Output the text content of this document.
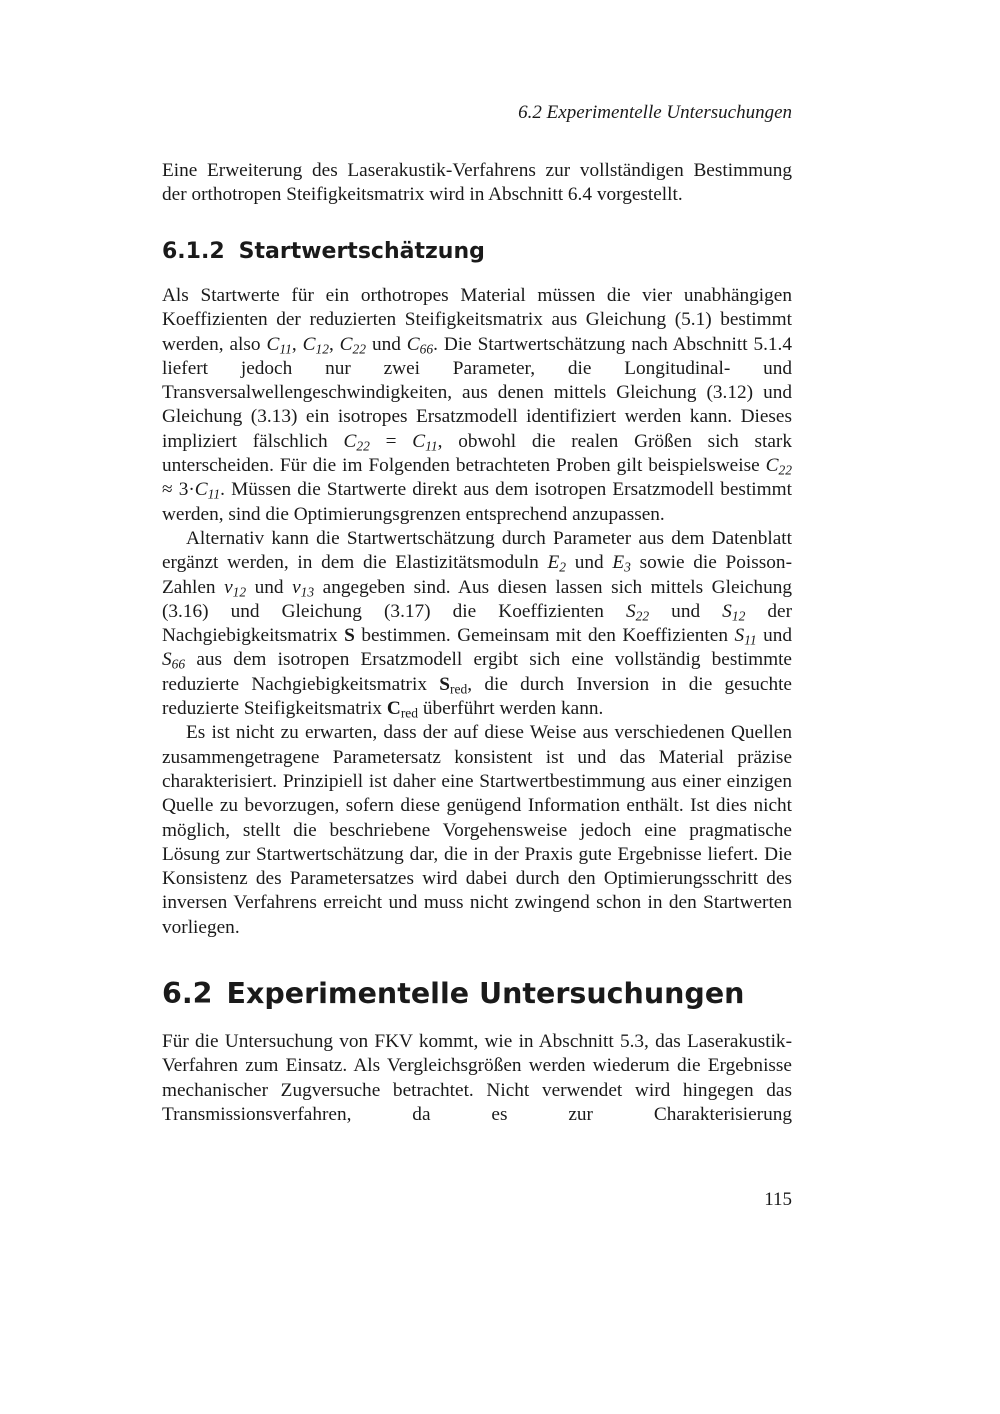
6.2 Experimentelle Untersuchungen

Eine Erweiterung des Laserakustik-Verfahrens zur vollständigen Bestimmung der orthotropen Steifigkeitsmatrix wird in Abschnitt 6.4 vorgestellt.

6.1.2 Startwertschätzung

Als Startwerte für ein orthotropes Material müssen die vier unabhängigen Koeffizienten der reduzierten Steifigkeitsmatrix aus Gleichung (5.1) bestimmt werden, also $C_{11}$, $C_{12}$, $C_{22}$ und $C_{66}$. Die Startwertschätzung nach Abschnitt 5.1.4 liefert jedoch nur zwei Parameter, die Longitudinal- und Transversalwellengeschwindigkeiten, aus denen mittels Gleichung (3.12) und Gleichung (3.13) ein isotropes Ersatzmodell identifiziert werden kann. Dieses impliziert fälschlich $C_{22} = C_{11}$, obwohl die realen Größen sich stark unterscheiden. Für die im Folgenden betrachteten Proben gilt beispielsweise $C_{22} \approx 3\cdot C_{11}$. Müssen die Startwerte direkt aus dem isotropen Ersatzmodell bestimmt werden, sind die Optimierungsgrenzen entsprechend anzupassen.

Alternativ kann die Startwertschätzung durch Parameter aus dem Datenblatt ergänzt werden, in dem die Elastizitätsmoduln $E_2$ und $E_3$ sowie die Poisson-Zahlen $\nu_{12}$ und $\nu_{13}$ angegeben sind. Aus diesen lassen sich mittels Gleichung (3.16) und Gleichung (3.17) die Koeffizienten $S_{22}$ und $S_{12}$ der Nachgiebigkeitsmatrix S bestimmen. Gemeinsam mit den Koeffizienten $S_{11}$ und $S_{66}$ aus dem isotropen Ersatzmodell ergibt sich eine vollständig bestimmte reduzierte Nachgiebigkeitsmatrix $S_{red}$, die durch Inversion in die gesuchte reduzierte Steifigkeitsmatrix $C_{red}$ überführt werden kann.

Es ist nicht zu erwarten, dass der auf diese Weise aus verschiedenen Quellen zusammengetragene Parametersatz konsistent ist und das Material präzise charakterisiert. Prinzipiell ist daher eine Startwertbestimmung aus einer einzigen Quelle zu bevorzugen, sofern diese genügend Information enthält. Ist dies nicht möglich, stellt die beschriebene Vorgehensweise jedoch eine pragmatische Lösung zur Startwertschätzung dar, die in der Praxis gute Ergebnisse liefert. Die Konsistenz des Parametersatzes wird dabei durch den Optimierungsschritt des inversen Verfahrens erreicht und muss nicht zwingend schon in den Startwerten vorliegen.

6.2 Experimentelle Untersuchungen

Für die Untersuchung von FKV kommt, wie in Abschnitt 5.3, das Laserakustik-Verfahren zum Einsatz. Als Vergleichsgrößen werden wiederum die Ergebnisse mechanischer Zugversuche betrachtet. Nicht verwendet wird hingegen das Transmissionsverfahren, da es zur Charakterisierung

115
